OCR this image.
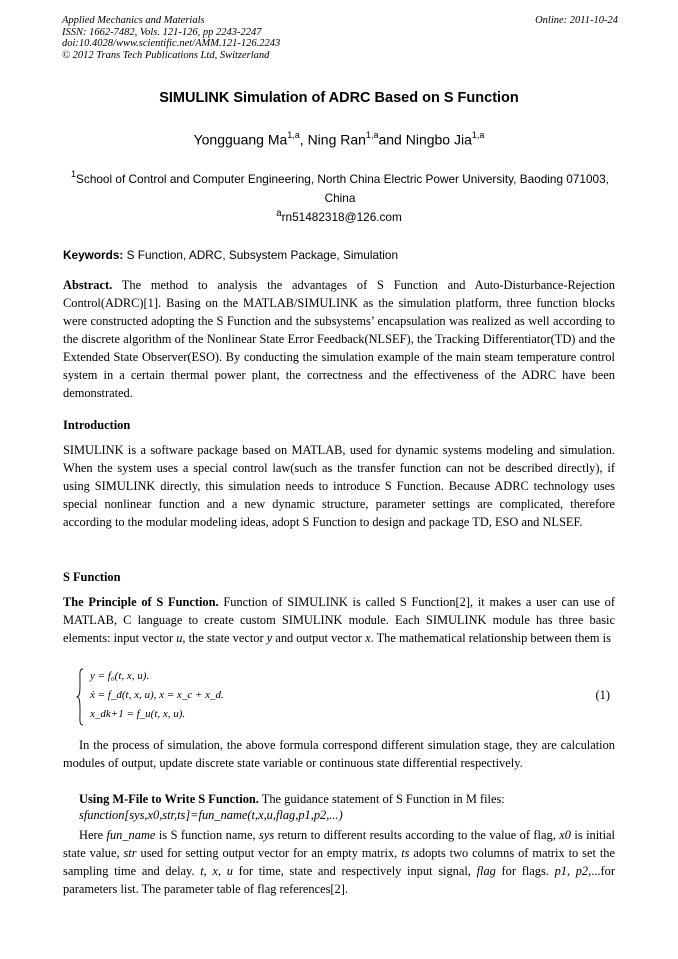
Applied Mechanics and Materials
ISSN: 1662-7482, Vols. 121-126, pp 2243-2247
doi:10.4028/www.scientific.net/AMM.121-126.2243
© 2012 Trans Tech Publications Ltd, Switzerland
Online: 2011-10-24
SIMULINK Simulation of ADRC Based on S Function
Yongguang Ma$^{1,a}$, Ning Ran$^{1,a}$and Ningbo Jia$^{1,a}$
$^1$School of Control and Computer Engineering, North China Electric Power University, Baoding 071003, China
$^a$rn51482318@126.com
Keywords: S Function, ADRC, Subsystem Package, Simulation
Abstract. The method to analysis the advantages of S Function and Auto-Disturbance-Rejection Control(ADRC)[1]. Basing on the MATLAB/SIMULINK as the simulation platform, three function blocks were constructed adopting the S Function and the subsystems’ encapsulation was realized as well according to the discrete algorithm of the Nonlinear State Error Feedback(NLSEF), the Tracking Differentiator(TD) and the Extended State Observer(ESO). By conducting the simulation example of the main steam temperature control system in a certain thermal power plant, the correctness and the effectiveness of the ADRC have been demonstrated.
Introduction
SIMULINK is a software package based on MATLAB, used for dynamic systems modeling and simulation. When the system uses a special control law(such as the transfer function can not be described directly), if using SIMULINK directly, this simulation needs to introduce S Function. Because ADRC technology uses special nonlinear function and a new dynamic structure, parameter settings are complicated, therefore according to the modular modeling ideas, adopt S Function to design and package TD, ESO and NLSEF.
S Function
The Principle of S Function. Function of SIMULINK is called S Function[2], it makes a user can use of MATLAB, C language to create custom SIMULINK module. Each SIMULINK module has three basic elements: input vector u, the state vector y and output vector x. The mathematical relationship between them is
y = f₀(t, x, u).
ẋ = f_d(t, x, u), x = x_c + x_d.
x_dk+1 = f_u(t, x, u).
(1)
In the process of simulation, the above formula correspond different simulation stage, they are calculation modules of output, update discrete state variable or continuous state differential respectively.
Using M-File to Write S Function. The guidance statement of S Function in M files:
sfunction[sys,x0,str,ts]=fun_name(t,x,u,flag,p1,p2,...)
Here fun_name is S function name, sys return to different results according to the value of flag, x0 is initial state value, str used for setting output vector for an empty matrix, ts adopts two columns of matrix to set the sampling time and delay. t, x, u for time, state and respectively input signal, flag for flags. p1, p2,...for parameters list. The parameter table of flag references[2].
